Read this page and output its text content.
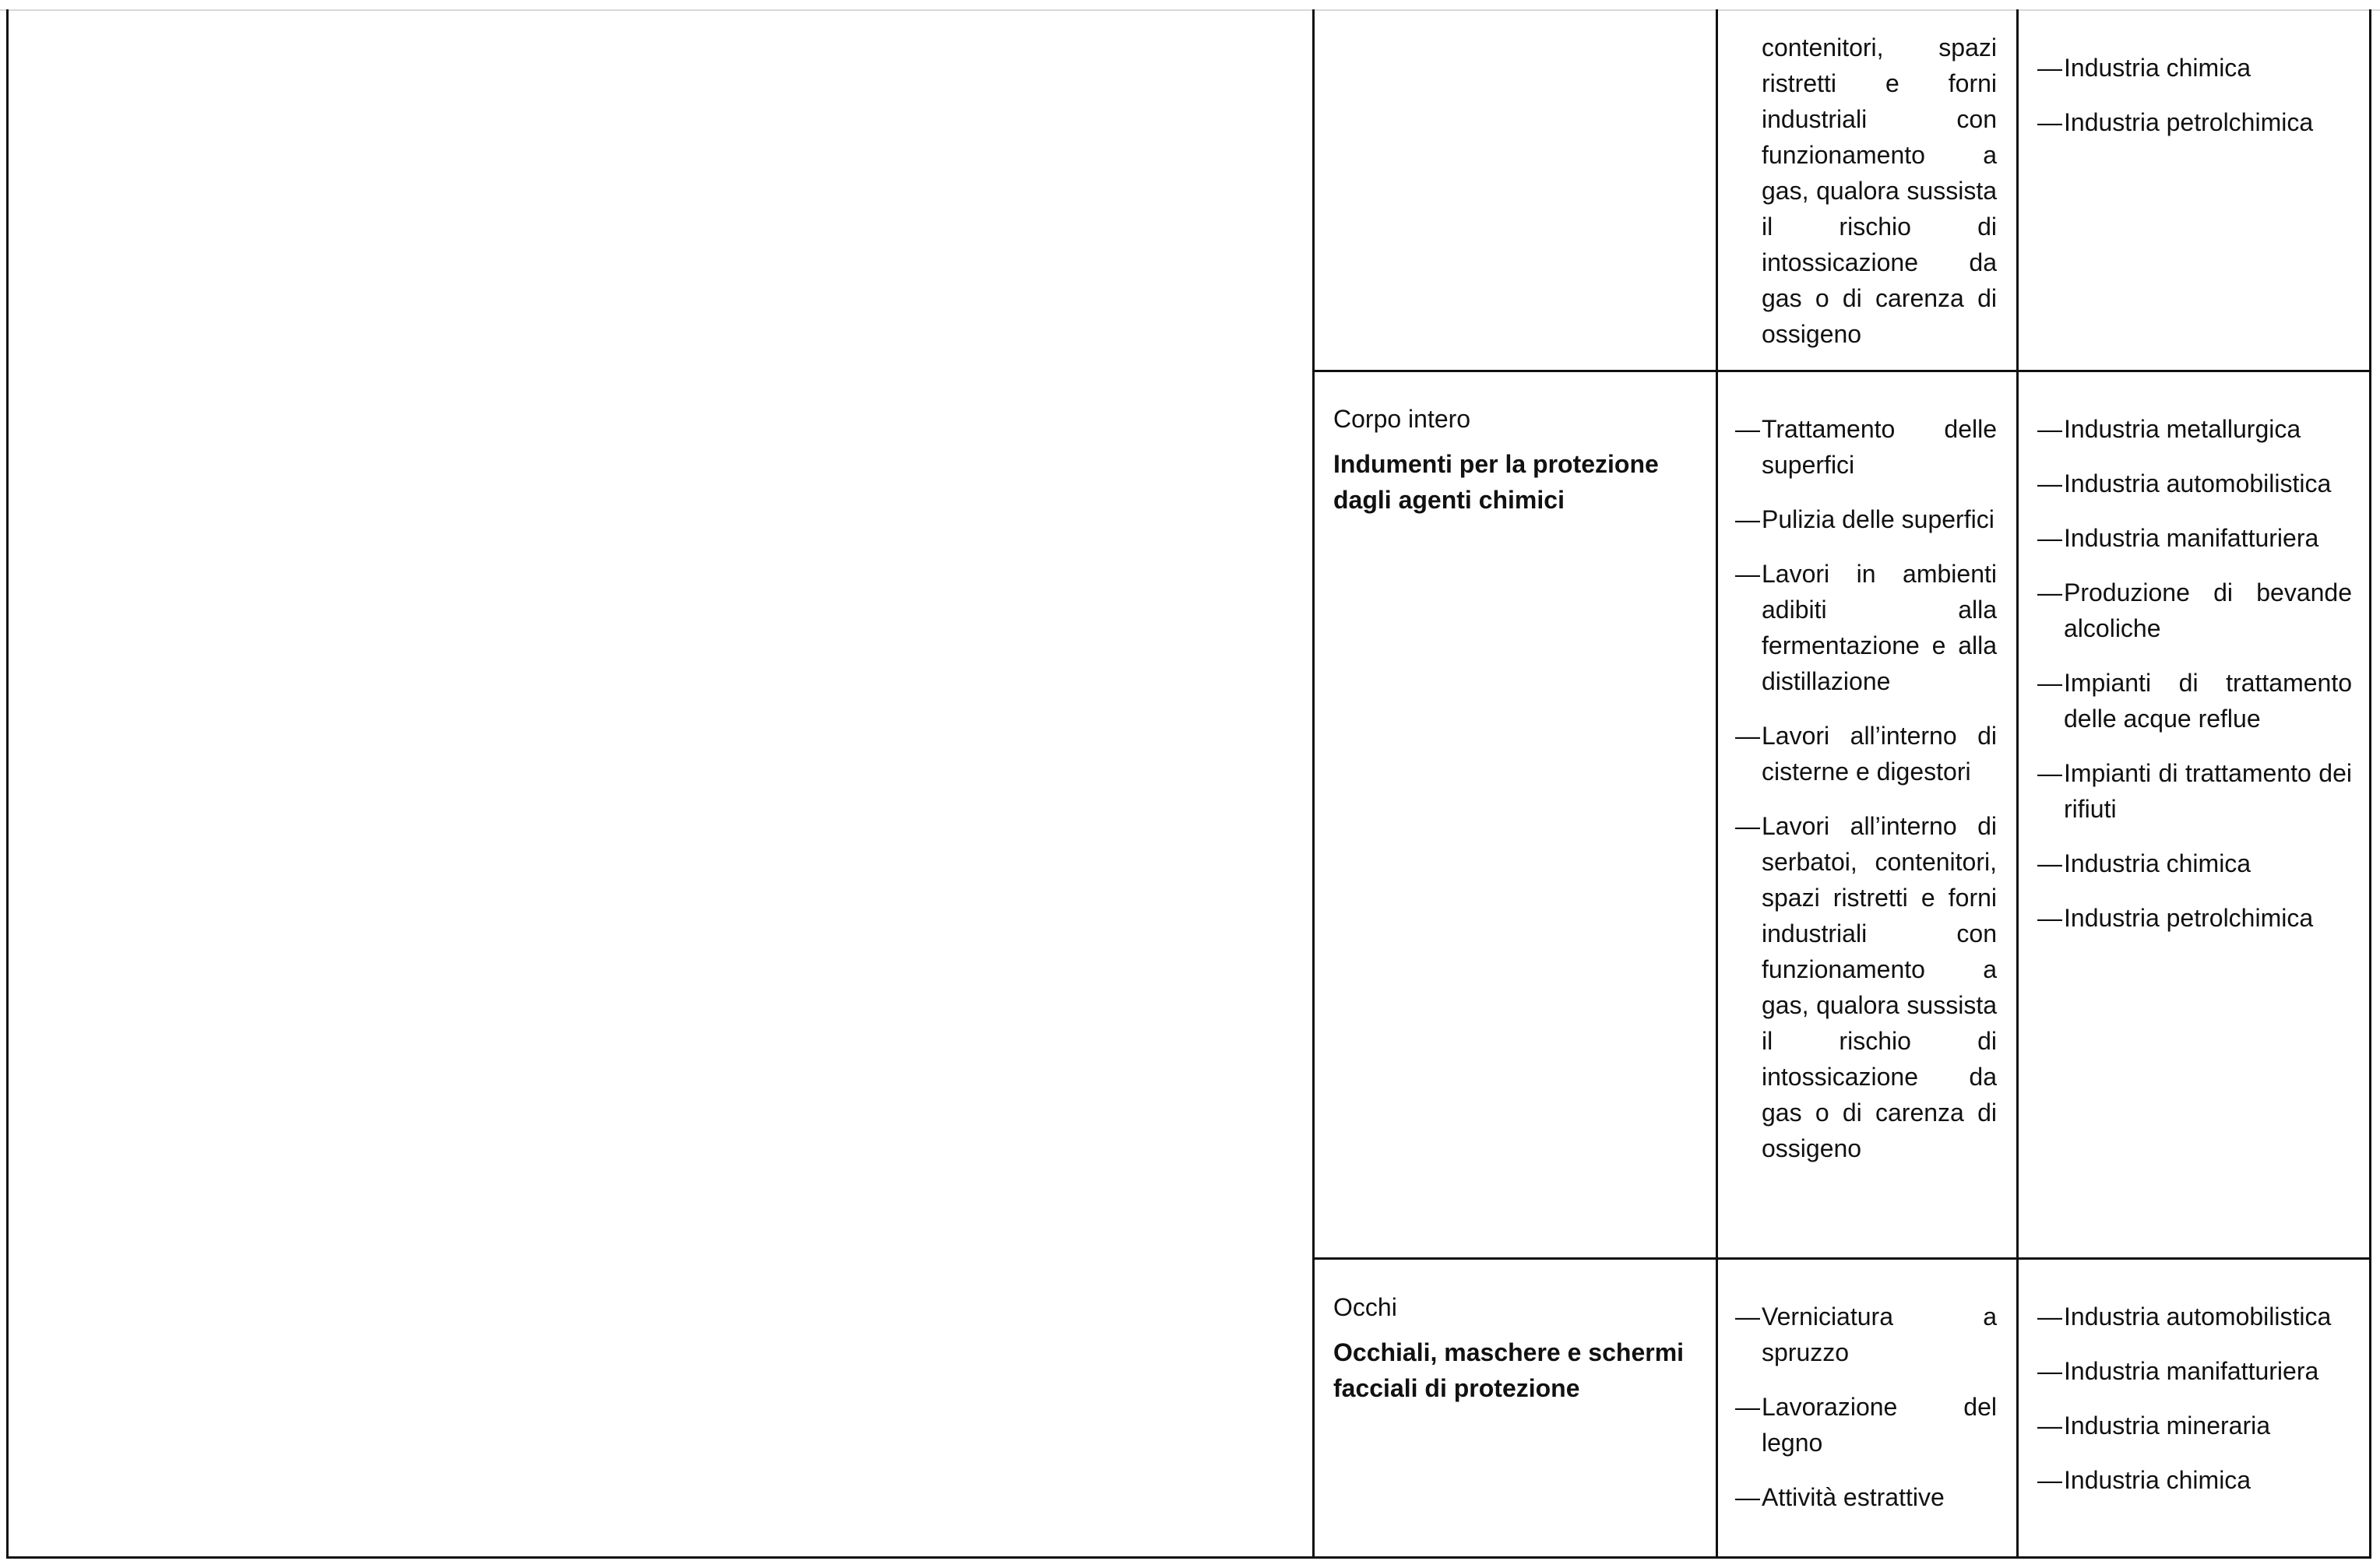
contenitori, spazi ristretti e forni industriali con funzionamento a gas, qualora sussista il rischio di intossicazione da gas o di carenza di ossigeno
— Industria chimica
— Industria petrolchimica
Corpo intero
Indumenti per la protezione dagli agenti chimici
— Trattamento delle superfici
— Pulizia delle superfici
— Lavori in ambienti adibiti alla fermentazione e alla distillazione
— Lavori all’interno di cisterne e digestori
— Lavori all’interno di serbatoi, contenitori, spazi ristretti e forni industriali con funzionamento a gas, qualora sussista il rischio di intossicazione da gas o di carenza di ossigeno
— Industria metallurgica
— Industria automobilistica
— Industria manifatturiera
— Produzione di bevande alcoliche
— Impianti di trattamento delle acque reflue
— Impianti di trattamento dei rifiuti
— Industria chimica
— Industria petrolchimica
Occhi
Occhiali, maschere e schermi facciali di protezione
— Verniciatura a spruzzo
— Lavorazione del legno
— Attività estrattive
— Industria automobilistica
— Industria manifatturiera
— Industria mineraria
— Industria chimica
